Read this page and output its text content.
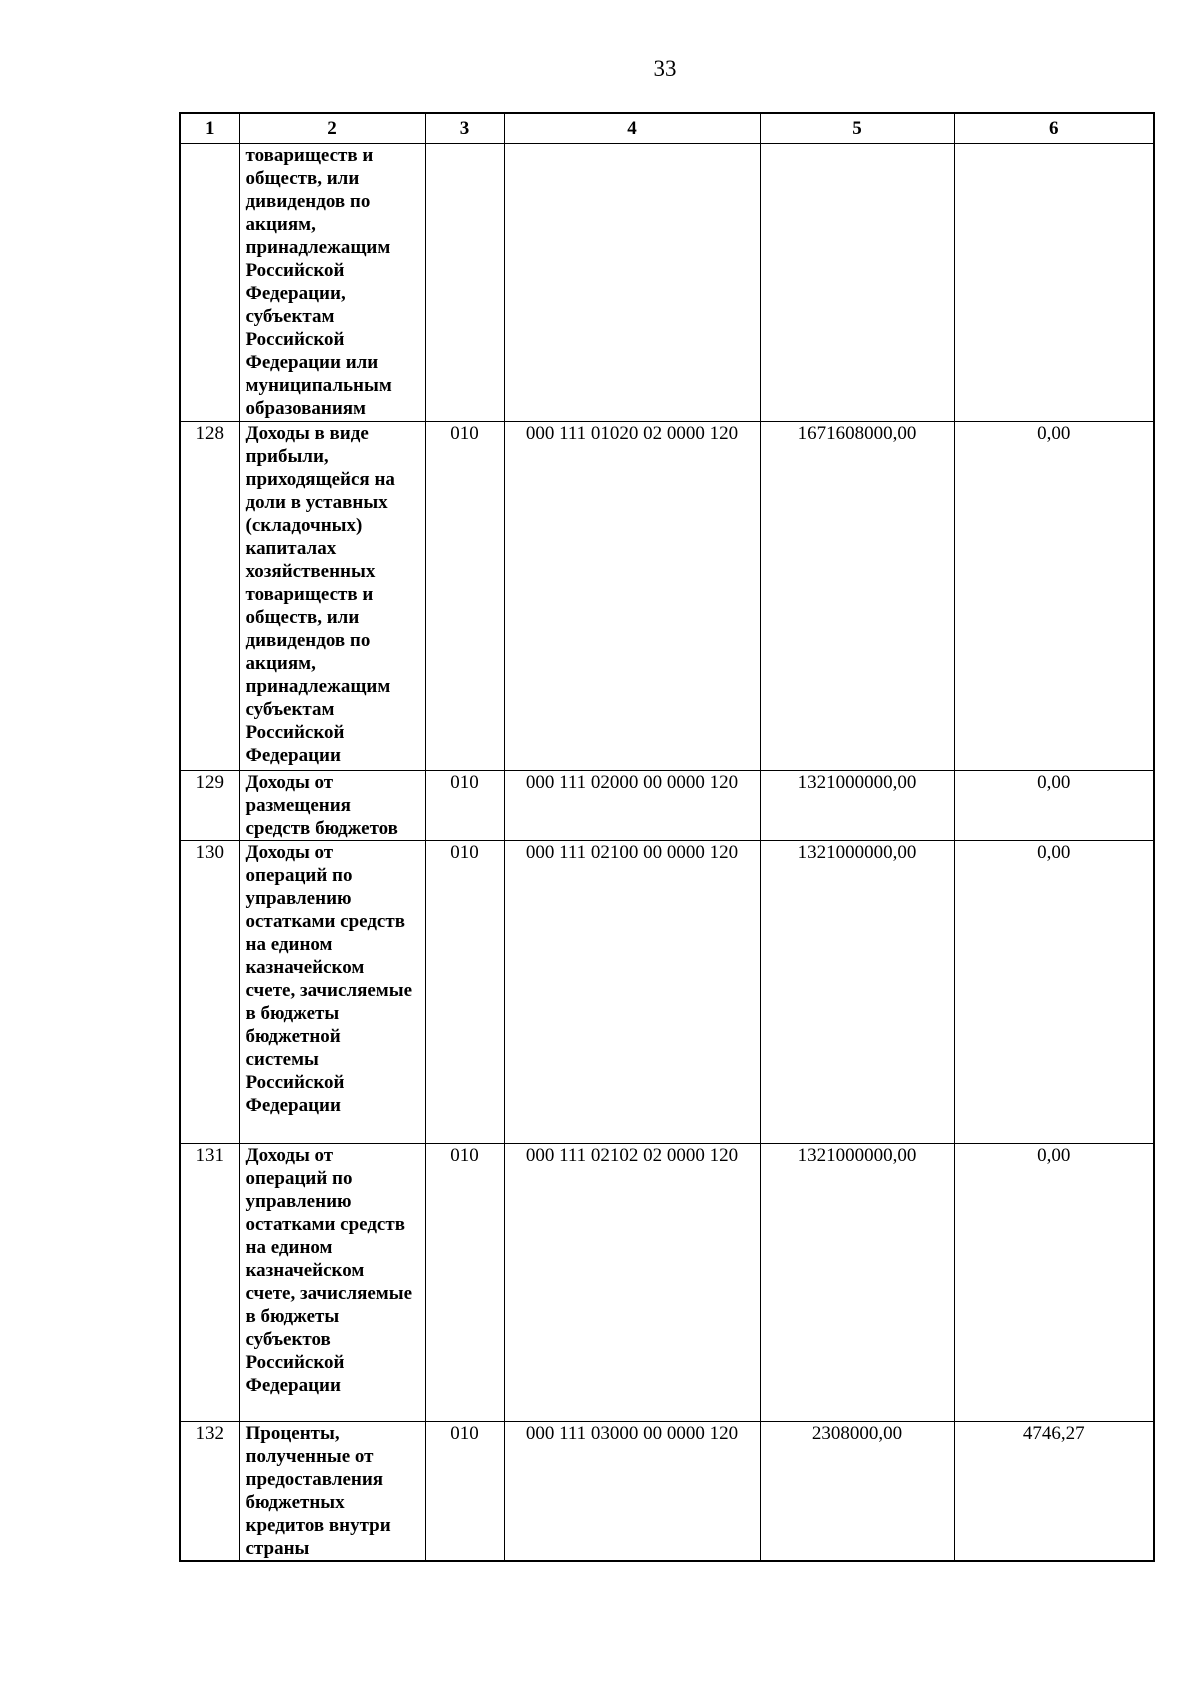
33
1	2	3	4	5	6
	товариществ и обществ, или дивидендов по акциям, принадлежащим Российской Федерации, субъектам Российской Федерации или муниципальным образованиям				
128	Доходы в виде прибыли, приходящейся на доли в уставных (складочных) капиталах хозяйственных товариществ и обществ, или дивидендов по акциям, принадлежащим субъектам Российской Федерации	010	000 111 01020 02 0000 120	1671608000,00	0,00
129	Доходы от размещения средств бюджетов	010	000 111 02000 00 0000 120	1321000000,00	0,00
130	Доходы от операций по управлению остатками средств на едином казначейском счете, зачисляемые в бюджеты бюджетной системы Российской Федерации	010	000 111 02100 00 0000 120	1321000000,00	0,00
131	Доходы от операций по управлению остатками средств на едином казначейском счете, зачисляемые в бюджеты субъектов Российской Федерации	010	000 111 02102 02 0000 120	1321000000,00	0,00
132	Проценты, полученные от предоставления бюджетных кредитов внутри страны	010	000 111 03000 00 0000 120	2308000,00	4746,27
